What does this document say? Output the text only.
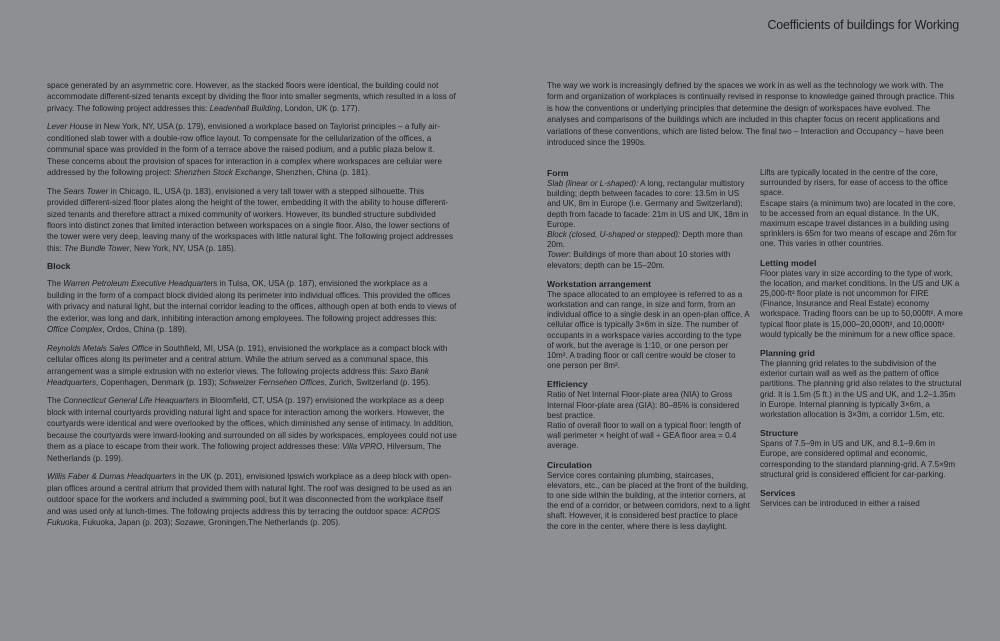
Coefficients of buildings for Working

space generated by an asymmetric core. However, as the stacked floors were identical, the building could not accommodate different-sized tenants except by dividing the floor into smaller segments, which resulted in a loss of privacy. The following project addresses this: Leadenhall Building, London, UK (p. 177).

Lever House in New York, NY, USA (p. 179), envisioned a workplace based on Taylorist principles – a fully air-conditioned slab tower with a double-row office layout. To compensate for the cellularization of the offices, a communal space was provided in the form of a terrace above the raised podium, and a public plaza below it. These concerns about the provision of spaces for interaction in a complex where workspaces are cellular were addressed by the following project: Shenzhen Stock Exchange, Shenzhen, China (p. 181).

The Sears Tower in Chicago, IL, USA (p. 183), envisioned a very tall tower with a stepped silhouette. This provided different-sized floor plates along the height of the tower, embedding it with the ability to house different-sized tenants and therefore attract a mixed community of workers. However, its bundled structure subdivided floors into distinct zones that limited interaction between workspaces on a single floor. Also, the lower sections of the tower were very deep, leaving many of the workspaces with little natural light. The following project addresses this: The Bundle Tower, New York, NY, USA (p. 185).

Block

The Warren Petroleum Executive Headquarters in Tulsa, OK, USA (p. 187), envisioned the workplace as a building in the form of a compact block divided along its perimeter into individual offices. This provided the offices with privacy and natural light, but the internal corridor leading to the offices, although open at both ends to views of the exterior, was long and dark, inhibiting interaction among employees. The following project addresses this: Office Complex, Ordos, China (p. 189).

Reynolds Metals Sales Office in Southfield, MI, USA (p. 191), envisioned the workplace as a compact block with cellular offices along its perimeter and a central atrium. While the atrium served as a communal space, this arrangement was a simple extrusion with no exterior views. The following projects address this: Saxo Bank Headquarters, Copenhagen, Denmark (p. 193); Schweizer Fernsehen Offices, Zurich, Switzerland (p. 195).

The Connecticut General Life Heaquarters in Bloomfield, CT, USA (p. 197) envisioned the workplace as a deep block with internal courtyards providing natural light and space for interaction among the workers. However, the courtyards were identical and were overlooked by the offices, which diminished any sense of intimacy. In addition, because the courtyards were inward-looking and surrounded on all sides by workspaces, employees could not use them as a place to escape from their work. The following project addresses these: Villa VPRO, Hilversum, The Netherlands (p. 199).

Willis Faber & Dumas Headquarters in the UK (p. 201), envisioned Ipswich workplace as a deep block with open-plan offices around a central atrium that provided them with natural light. The roof was designed to be used as an outdoor space for the workers and included a swimming pool, but it was disconnected from the workplace itself and was used only at lunch-times. The following projects address this by terracing the outdoor space: ACROS Fukuoka, Fukuoka, Japan (p. 203); Sozawe, Groningen,The Netherlands (p. 205).

The way we work is increasingly defined by the spaces we work in as well as the technology we work with. The form and organization of workplaces is continually revised in response to knowledge gained through practice. This is how the conventions or underlying principles that determine the design of workspaces have evolved. The analyses and comparisons of the buildings which are included in this chapter focus on recent applications and variations of these conventions, which are listed below. The final two – Interaction and Occupancy – have been introduced since the 1990s.
Form

Slab (linear or L-shaped): A long, rectangular multistory building; depth between facades to core: 13.5m in US and UK, 8m in Europe (i.e. Germany and Switzerland); depth from facade to facade: 21m in US and UK, 18m in Europe.

Block (closed, U-shaped or stepped): Depth more than 20m.

Tower: Buildings of more than about 10 stories with elevators; depth can be 15–20m.

Workstation arrangement

The space allocated to an employee is referred to as a workstation and can range, in size and form, from an individual office to a single desk in an open-plan office. A cellular office is typically 3×6m in size. The number of occupants in a workspace varies according to the type of work, but the average is 1:10, or one person per 10m². A trading floor or call centre would be closer to one person per 8m².

Efficiency

Ratio of Net Internal Floor-plate area (NIA) to Gross Internal Floor-plate area (GIA): 80–85% is considered best practice.

Ratio of overall floor to wall on a typical floor: length of wall perimeter × height of wall ÷ GEA floor area = 0.4 average.

Circulation

Service cores containing plumbing, staircases, elevators, etc., can be placed at the front of the building, to one side within the building, at the interior corners, at the end of a corridor, or between corridors, next to a light shaft. However, it is considered best practice to place the core in the center, where there is less daylight.

Lifts are typically located in the centre of the core, surrounded by risers, for ease of access to the office space.

Escape stairs (a minimum two) are located in the core, to be accessed from an equal distance. In the UK, maximum escape travel distances in a building using sprinklers is 65m for two means of escape and 26m for one. This varies in other countries.

Letting model

Floor plates vary in size according to the type of work, the location, and market conditions. In the US and UK a 25,000-ft² floor plate is not uncommon for FIRE (Finance, Insurance and Real Estate) economy workspace. Trading floors can be up to 50,000ft². A more typical floor plate is 15,000–20,000ft², and 10,000ft² would typically be the minimum for a new office space.

Planning grid

The planning grid relates to the subdivision of the exterior curtain wall as well as the pattern of office partitions. The planning grid also relates to the structural grid. It is 1.5m (5 ft.) in the US and UK, and 1.2–1.35m in Europe. Internal planning is typically 3×6m, a workstation allocation is 3×3m, a corridor 1.5m, etc.

Structure

Spans of 7.5–9m in US and UK, and 8.1–9.6m in Europe, are considered optimal and economic, corresponding to the standard planning-grid. A 7.5×9m structural grid is considered efficient for car-parking.

Services

Services can be introduced in either a raised
